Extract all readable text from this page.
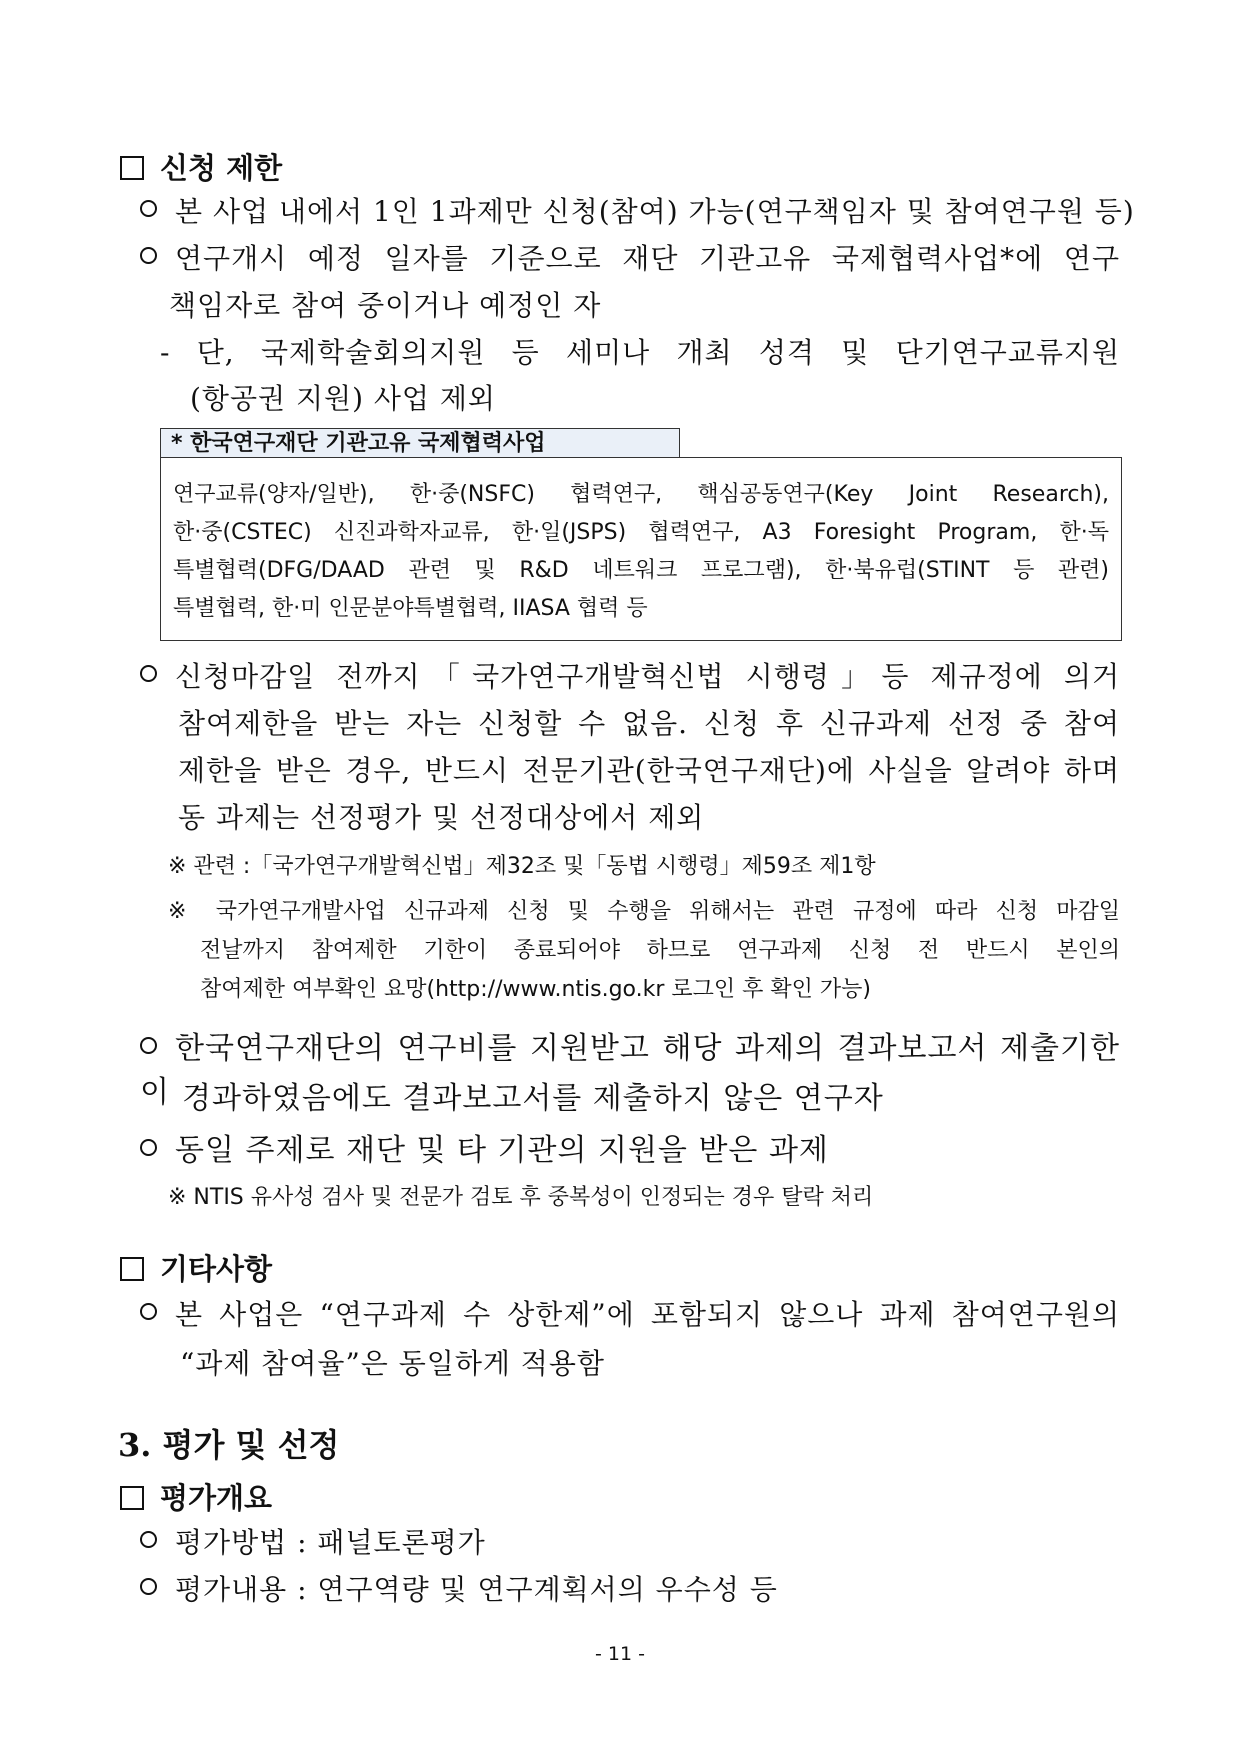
신청 제한
본 사업 내에서 1인 1과제만 신청(참여) 가능(연구책임자 및 참여연구원 등)
연구개시 예정 일자를 기준으로 재단 기관고유 국제협력사업*에 연구
책임자로 참여 중이거나 예정인 자
- 단, 국제학술회의지원 등 세미나 개최 성격 및 단기연구교류지원
(항공권 지원) 사업 제외
* 한국연구재단 기관고유 국제협력사업
연구교류(양자/일반), 한·중(NSFC) 협력연구, 핵심공동연구(Key Joint Research),
한·중(CSTEC) 신진과학자교류, 한·일(JSPS) 협력연구, A3 Foresight Program, 한·독
특별협력(DFG/DAAD 관련 및 R&D 네트워크 프로그램), 한·북유럽(STINT 등 관련)
특별협력, 한·미 인문분야특별협력, IIASA 협력 등
신청마감일 전까지「국가연구개발혁신법 시행령」등 제규정에 의거
참여제한을 받는 자는 신청할 수 없음. 신청 후 신규과제 선정 중 참여
제한을 받은 경우, 반드시 전문기관(한국연구재단)에 사실을 알려야 하며
동 과제는 선정평가 및 선정대상에서 제외
※ 관련 :「국가연구개발혁신법」제32조 및「동법 시행령」제59조 제1항
※ 국가연구개발사업 신규과제 신청 및 수행을 위해서는 관련 규정에 따라 신청 마감일
전날까지 참여제한 기한이 종료되어야 하므로 연구과제 신청 전 반드시 본인의
참여제한 여부확인 요망(http://www.ntis.go.kr 로그인 후 확인 가능)
한국연구재단의 연구비를 지원받고 해당 과제의 결과보고서 제출기한이 경과하였음에도 결과보고서를 제출하지 않은 연구자
동일 주제로 재단 및 타 기관의 지원을 받은 과제
※ NTIS 유사성 검사 및 전문가 검토 후 중복성이 인정되는 경우 탈락 처리
기타사항
본 사업은 “연구과제 수 상한제”에 포함되지 않으나 과제 참여연구원의
“과제 참여율”은 동일하게 적용함
3. 평가 및 선정
평가개요
평가방법 : 패널토론평가
평가내용 : 연구역량 및 연구계획서의 우수성 등
- 11 -
